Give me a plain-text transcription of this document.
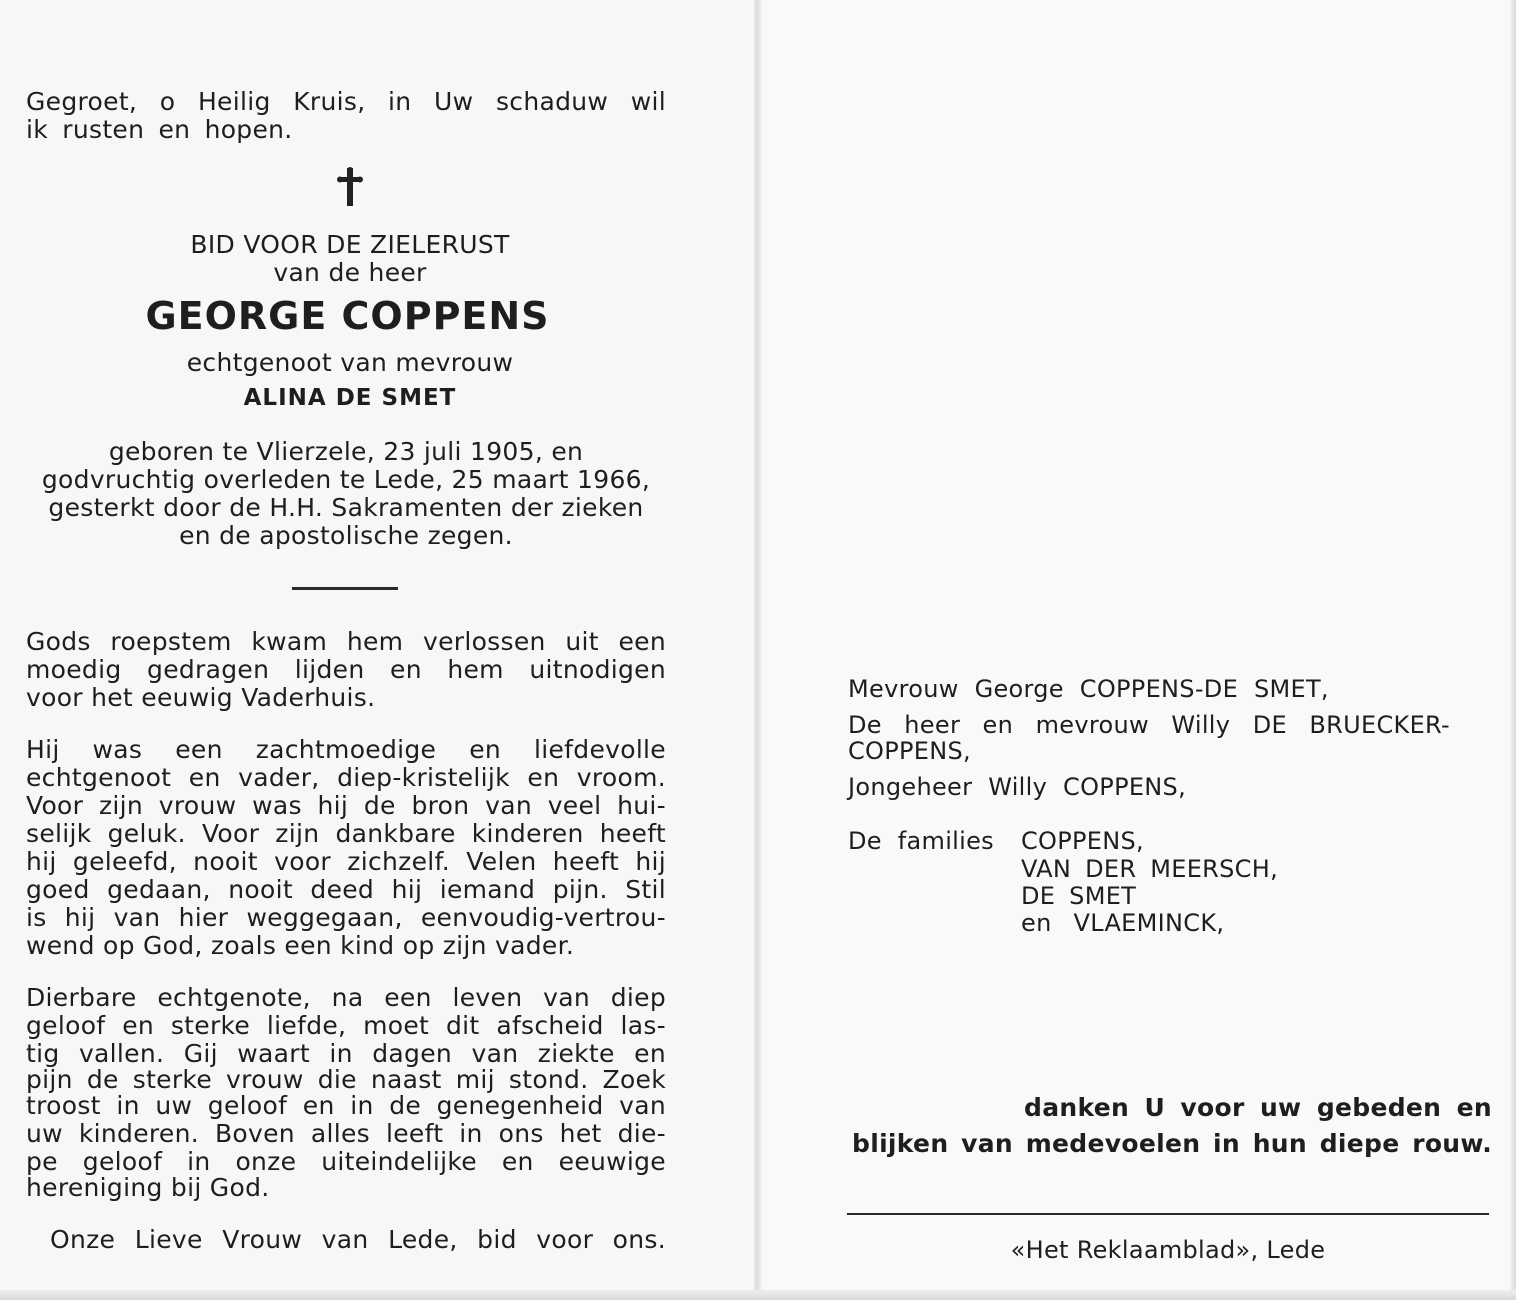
Gegroet, o Heilig Kruis, in Uw schaduw wil
ik rusten en hopen.
BID VOOR DE ZIELERUST
van de heer
GEORGE COPPENS
echtgenoot van mevrouw
ALINA DE SMET
geboren te Vlierzele, 23 juli 1905, en
godvruchtig overleden te Lede, 25 maart 1966,
gesterkt door de H.H. Sakramenten der zieken
en de apostolische zegen.
Gods roepstem kwam hem verlossen uit een
moedig gedragen lijden en hem uitnodigen
voor het eeuwig Vaderhuis.
Hij was een zachtmoedige en liefdevolle
echtgenoot en vader, diep-kristelijk en vroom.
Voor zijn vrouw was hij de bron van veel hui-
selijk geluk. Voor zijn dankbare kinderen heeft
hij geleefd, nooit voor zichzelf. Velen heeft hij
goed gedaan, nooit deed hij iemand pijn. Stil
is hij van hier weggegaan, eenvoudig-vertrou-
wend op God, zoals een kind op zijn vader.
Dierbare echtgenote, na een leven van diep
geloof en sterke liefde, moet dit afscheid las-
tig vallen. Gij waart in dagen van ziekte en
pijn de sterke vrouw die naast mij stond. Zoek
troost in uw geloof en in de genegenheid van
uw kinderen. Boven alles leeft in ons het die-
pe geloof in onze uiteindelijke en eeuwige
hereniging bij God.
Onze Lieve Vrouw van Lede, bid voor ons.
Mevrouw George COPPENS-DE SMET,
De heer en mevrouw Willy DE BRUECKER-
COPPENS,
Jongeheer Willy COPPENS,
De families COPPENS,
VAN DER MEERSCH,
DE SMET
en VLAEMINCK,
danken U voor uw gebeden en
blijken van medevoelen in hun diepe rouw.
«Het Reklaamblad», Lede
